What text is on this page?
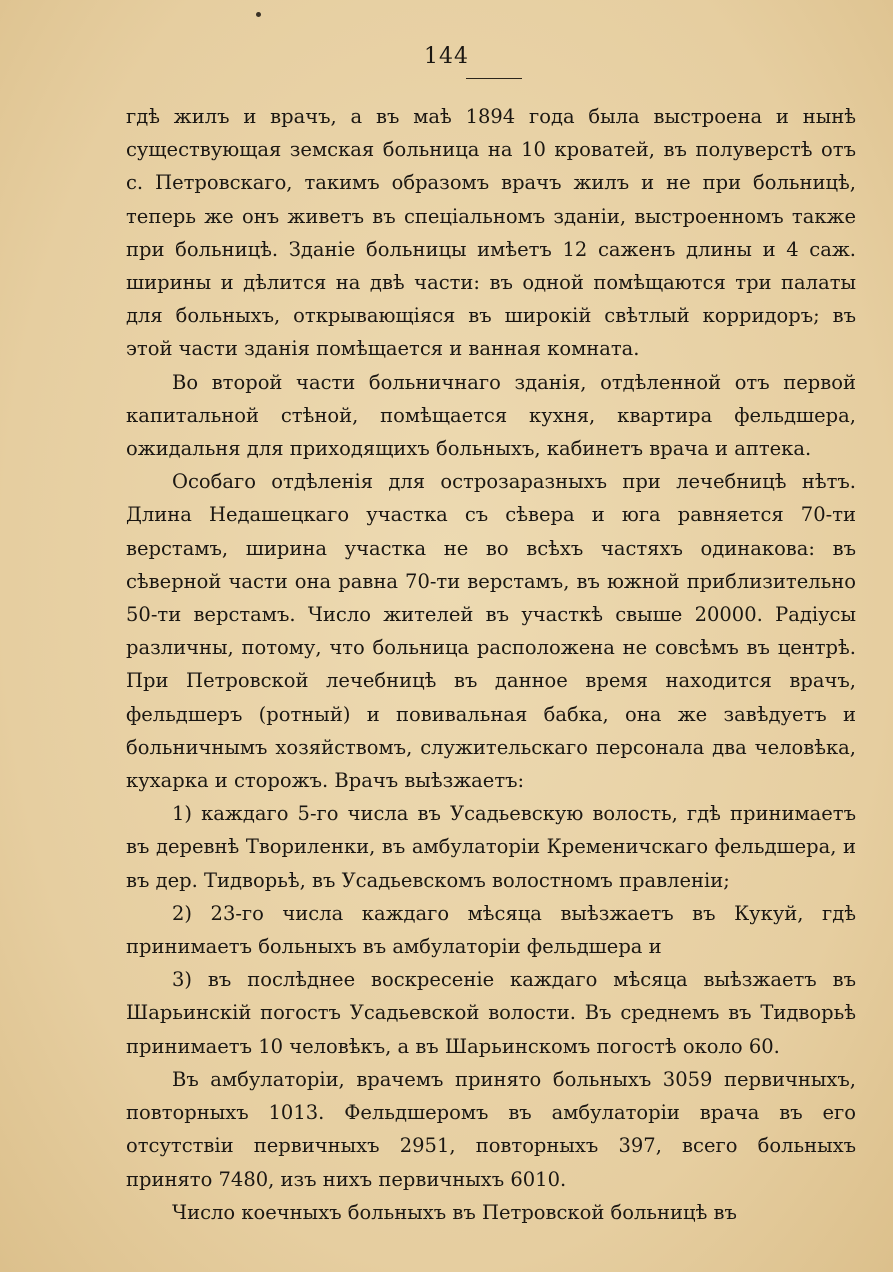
144

гдѣ жилъ и врачъ, а въ маѣ 1894 года была выстроена и нынѣ существующая земская больница на 10 кроватей, въ полуверстѣ отъ с. Петровскаго, такимъ образомъ врачъ жилъ и не при больницѣ, теперь же онъ живетъ въ спеціальномъ зданіи, выстроенномъ также при больницѣ. Зданіе больницы имѣетъ 12 саженъ длины и 4 саж. ширины и дѣлится на двѣ части: въ одной помѣщаются три палаты для больныхъ, открывающіяся въ широкій свѣтлый корридоръ; въ этой части зданія помѣщается и ванная комната.

Во второй части больничнаго зданія, отдѣленной отъ первой капитальной стѣной, помѣщается кухня, квартира фельдшера, ожидальня для приходящихъ больныхъ, кабинетъ врача и аптека.

Особаго отдѣленія для острозаразныхъ при лечебницѣ нѣтъ. Длина Недашецкаго участка съ сѣвера и юга равняется 70-ти верстамъ, ширина участка не во всѣхъ частяхъ одинакова: въ сѣверной части она равна 70-ти верстамъ, въ южной приблизительно 50-ти верстамъ. Число жителей въ участкѣ свыше 20000. Радіусы различны, потому, что больница расположена не совсѣмъ въ центрѣ. При Петровской лечебницѣ въ данное время находится врачъ, фельдшеръ (ротный) и повивальная бабка, она же завѣдуетъ и больничнымъ хозяйствомъ, служительскаго персонала два человѣка, кухарка и сторожъ. Врачъ выѣзжаетъ:

1) каждаго 5-го числа въ Усадьевскую волость, гдѣ принимаетъ въ деревнѣ Твориленки, въ амбулаторіи Кременичскаго фельдшера, и въ дер. Тидворьѣ, въ Усадьевскомъ волостномъ правленіи;

2) 23-го числа каждаго мѣсяца выѣзжаетъ въ Кукуй, гдѣ принимаетъ больныхъ въ амбулаторіи фельдшера и

3) въ послѣднее воскресеніе каждаго мѣсяца выѣзжаетъ въ Шарьинскій погостъ Усадьевской волости. Въ среднемъ въ Тидворьѣ принимаетъ 10 человѣкъ, а въ Шарьинскомъ погостѣ около 60.

Въ амбулаторіи, врачемъ принято больныхъ 3059 первичныхъ, повторныхъ 1013. Фельдшеромъ въ амбулаторіи врача въ его отсутствіи первичныхъ 2951, повторныхъ 397, всего больныхъ принято 7480, изъ нихъ первичныхъ 6010.

Число коечныхъ больныхъ въ Петровской больницѣ въ
